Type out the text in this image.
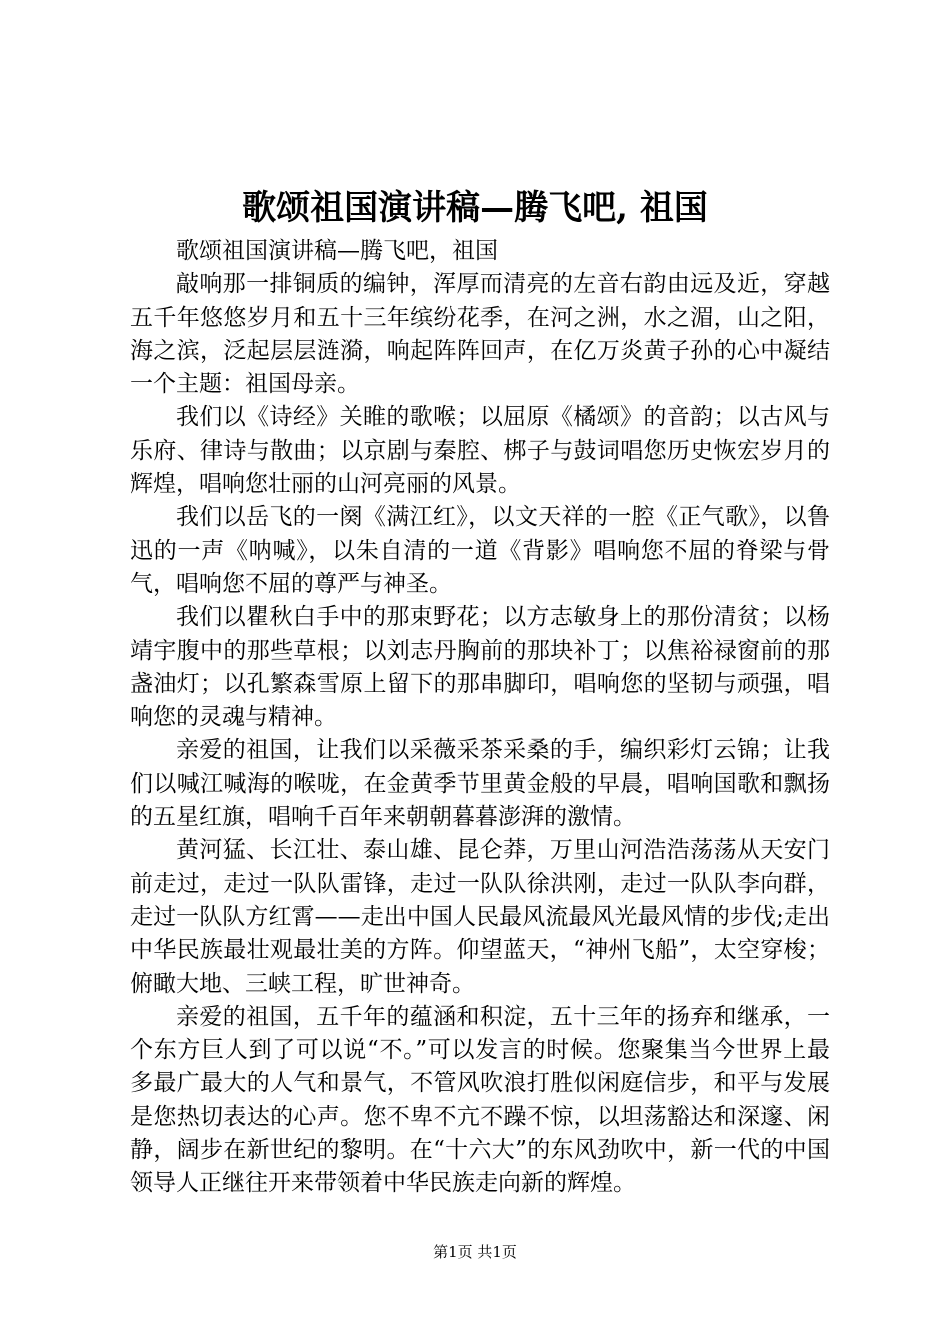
歌颂祖国演讲稿—腾飞吧, 祖国

歌颂祖国演讲稿—腾飞吧，祖国

敲响那一排铜质的编钟，浑厚而清亮的左音右韵由远及近，穿越五千年悠悠岁月和五十三年缤纷花季，在河之洲，水之湄，山之阳，海之滨，泛起层层涟漪，响起阵阵回声，在亿万炎黄子孙的心中凝结一个主题：祖国母亲。

我们以《诗经》关睢的歌喉；以屈原《橘颂》的音韵；以古风与乐府、律诗与散曲；以京剧与秦腔、梆子与鼓词唱您历史恢宏岁月的辉煌，唱响您壮丽的山河亮丽的风景。

我们以岳飞的一阕《满江红》，以文天祥的一腔《正气歌》，以鲁迅的一声《呐喊》，以朱自清的一道《背影》唱响您不屈的脊梁与骨气，唱响您不屈的尊严与神圣。

我们以瞿秋白手中的那束野花；以方志敏身上的那份清贫；以杨靖宇腹中的那些草根；以刘志丹胸前的那块补丁；以焦裕禄窗前的那盏油灯；以孔繁森雪原上留下的那串脚印，唱响您的坚韧与顽强，唱响您的灵魂与精神。

亲爱的祖国，让我们以采薇采茶采桑的手，编织彩灯云锦；让我们以喊江喊海的喉咙，在金黄季节里黄金般的早晨，唱响国歌和飘扬的五星红旗，唱响千百年来朝朝暮暮澎湃的激情。

黄河猛、长江壮、泰山雄、昆仑莽，万里山河浩浩荡荡从天安门前走过，走过一队队雷锋，走过一队队徐洪刚，走过一队队李向群，走过一队队方红霄——走出中国人民最风流最风光最风情的步伐;走出中华民族最壮观最壮美的方阵。仰望蓝天，“神州飞船”，太空穿梭；俯瞰大地、三峡工程，旷世神奇。

亲爱的祖国，五千年的蕴涵和积淀，五十三年的扬弃和继承，一个东方巨人到了可以说“不。”可以发言的时候。您聚集当今世界上最多最广最大的人气和景气，不管风吹浪打胜似闲庭信步，和平与发展是您热切表达的心声。您不卑不亢不躁不惊，以坦荡豁达和深邃、闲静，阔步在新世纪的黎明。在“十六大”的东风劲吹中，新一代的中国领导人正继往开来带领着中华民族走向新的辉煌。

第1页 共1页
